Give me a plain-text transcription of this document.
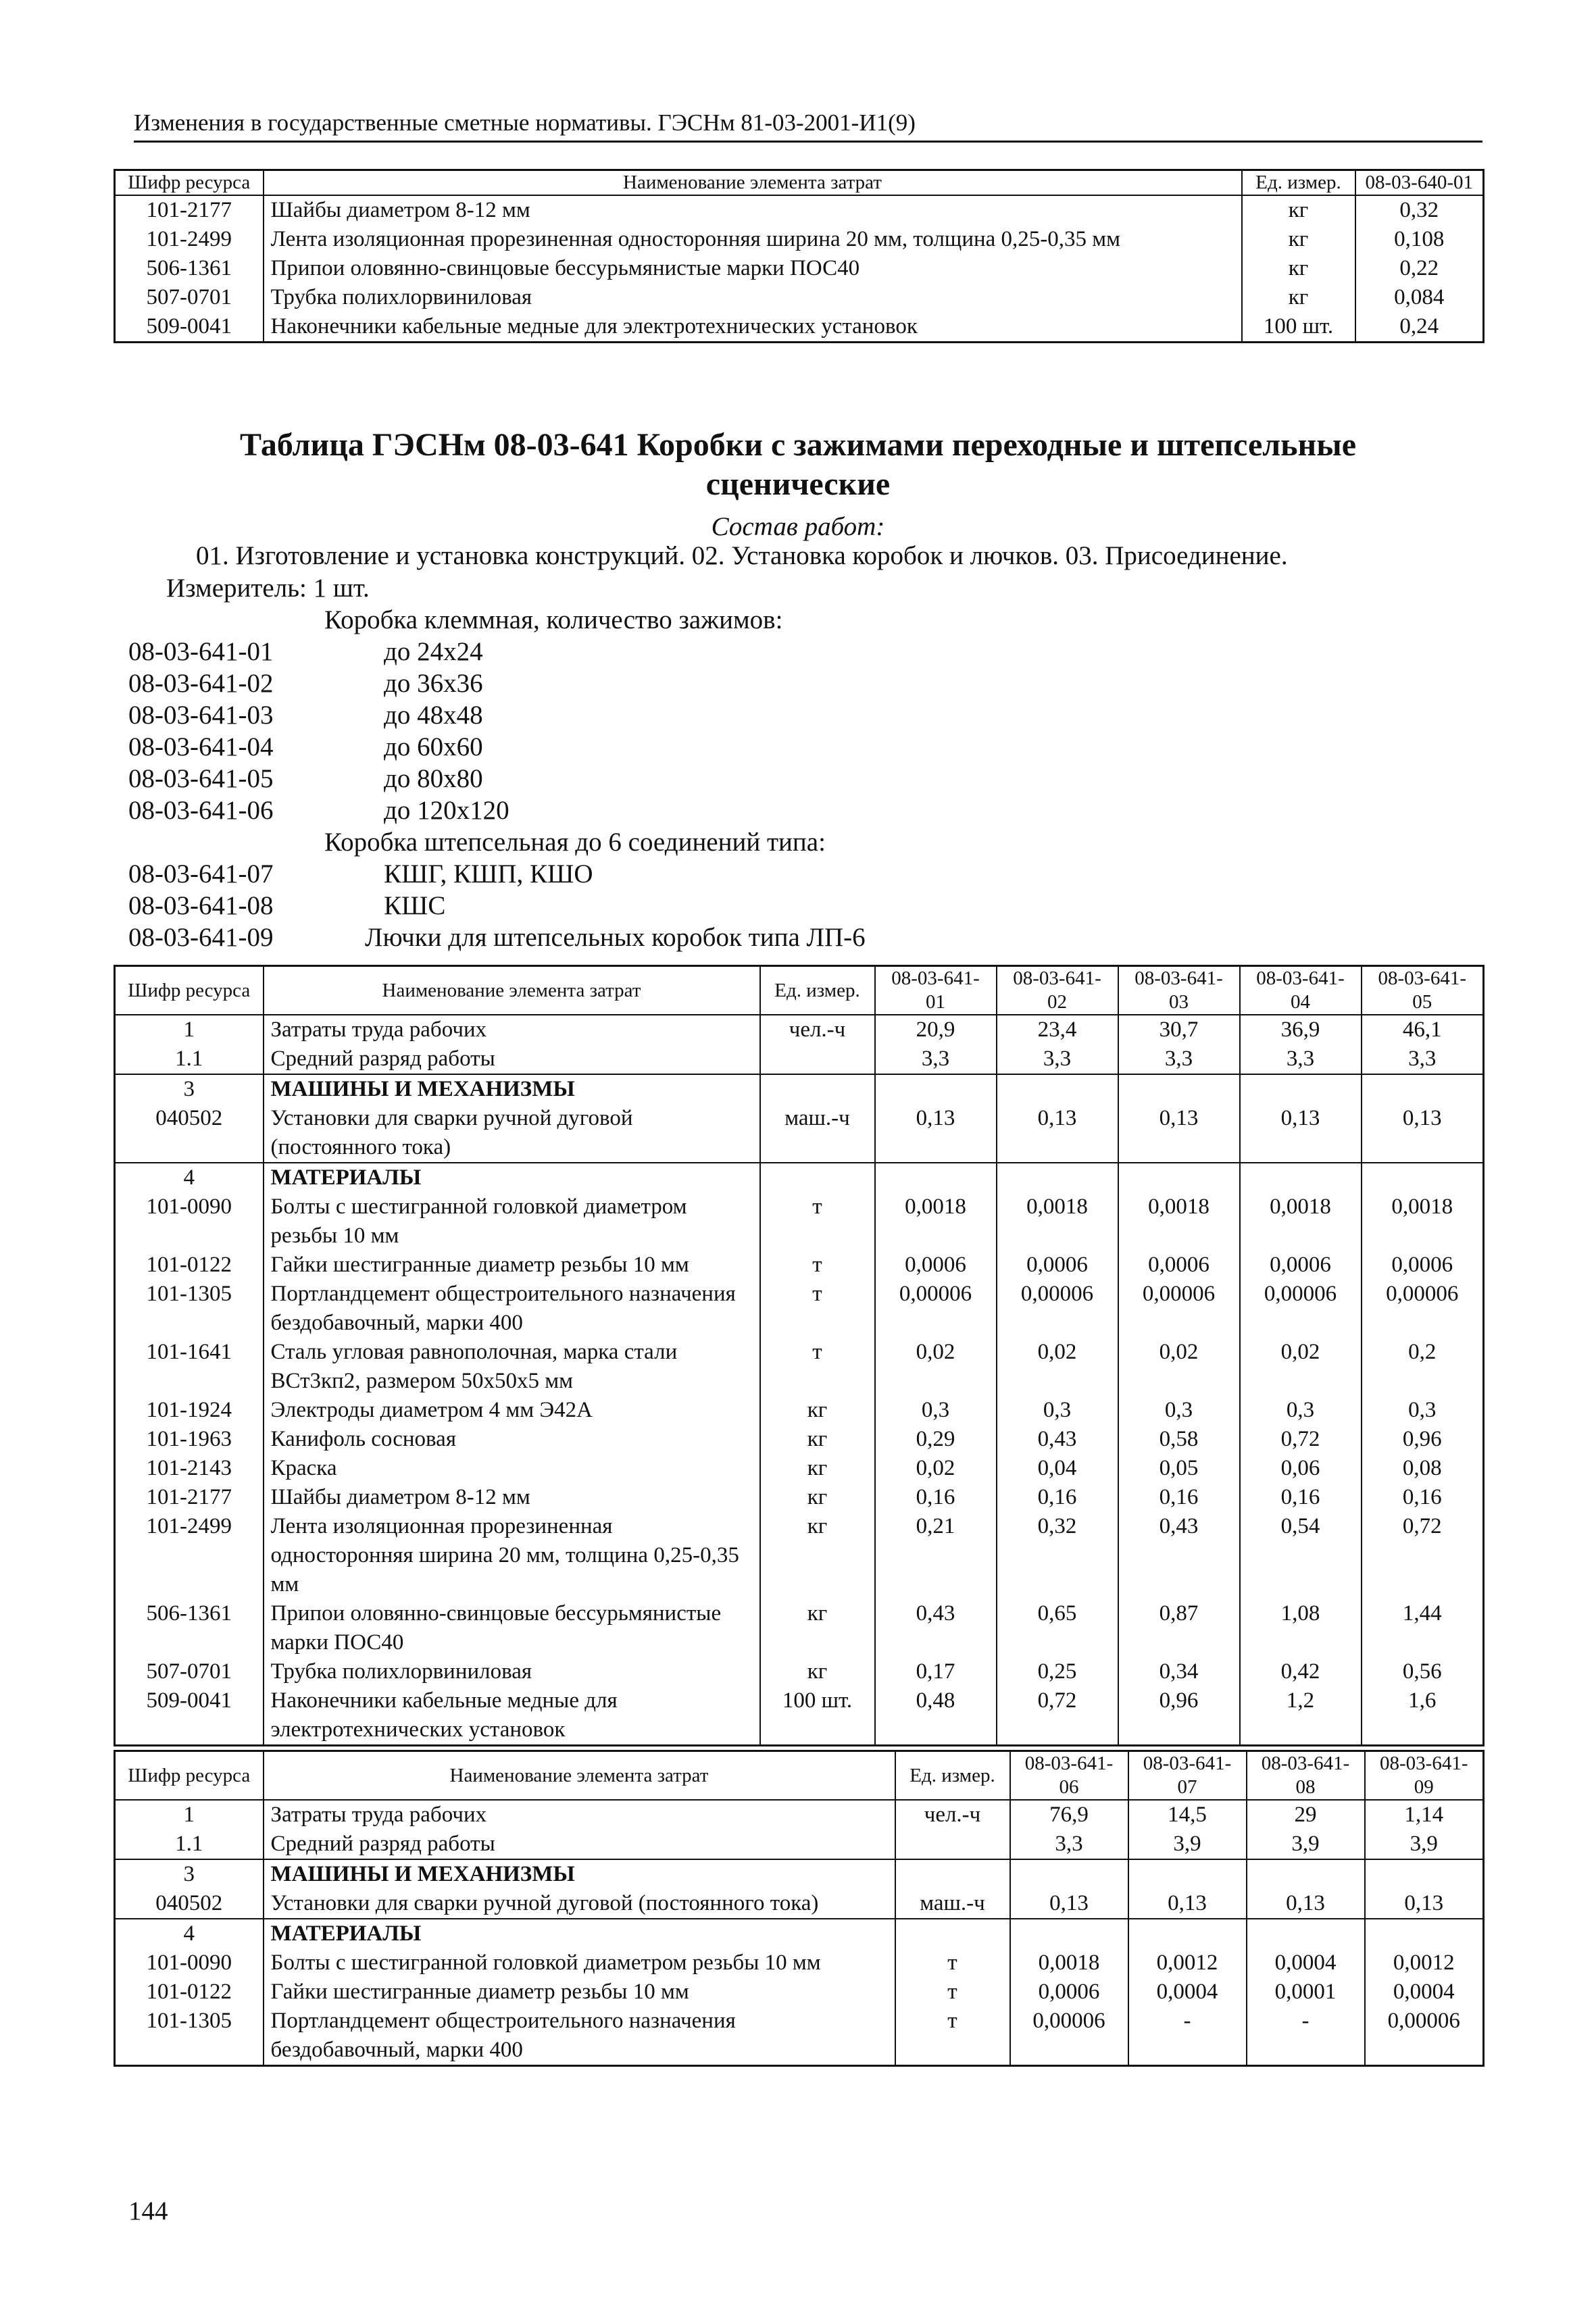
Изменения в государственные сметные нормативы. ГЭСНм 81-03-2001-И1(9)
Шифр ресурса	Наименование элемента затрат	Ед. измер.	08-03-640-01
101-2177	Шайбы диаметром 8-12 мм	кг	0,32
101-2499	Лента изоляционная прорезиненная односторонняя ширина 20 мм, толщина 0,25-0,35 мм	кг	0,108
506-1361	Припои оловянно-свинцовые бессурьмянистые марки ПОС40	кг	0,22
507-0701	Трубка полихлорвиниловая	кг	0,084
509-0041	Наконечники кабельные медные для электротехнических установок	100 шт.	0,24
Таблица ГЭСНм 08-03-641 Коробки с зажимами переходные и штепсельные
сценические
Состав работ:
01. Изготовление и установка конструкций. 02. Установка коробок и лючков. 03. Присоединение.
Измеритель: 1 шт.
Коробка клеммная, количество зажимов:
08-03-641-01	до 24х24
08-03-641-02	до 36х36
08-03-641-03	до 48х48
08-03-641-04	до 60х60
08-03-641-05	до 80х80
08-03-641-06	до 120х120
Коробка штепсельная до 6 соединений типа:
08-03-641-07	КШГ, КШП, КШО
08-03-641-08	КШС
08-03-641-09	Лючки для штепсельных коробок типа ЛП-6
Шифр ресурса	Наименование элемента затрат	Ед. измер.	08-03-641-01	08-03-641-02	08-03-641-03	08-03-641-04	08-03-641-05
1	Затраты труда рабочих	чел.-ч	20,9	23,4	30,7	36,9	46,1
1.1	Средний разряд работы		3,3	3,3	3,3	3,3	3,3
3	МАШИНЫ И МЕХАНИЗМЫ						
040502	Установки для сварки ручной дуговой (постоянного тока)	маш.-ч	0,13	0,13	0,13	0,13	0,13
4	МАТЕРИАЛЫ						
101-0090	Болты с шестигранной головкой диаметром резьбы 10 мм	т	0,0018	0,0018	0,0018	0,0018	0,0018
101-0122	Гайки шестигранные диаметр резьбы 10 мм	т	0,0006	0,0006	0,0006	0,0006	0,0006
101-1305	Портландцемент общестроительного назначения бездобавочный, марки 400	т	0,00006	0,00006	0,00006	0,00006	0,00006
101-1641	Сталь угловая равнополочная, марка стали ВСт3кп2, размером 50х50х5 мм	т	0,02	0,02	0,02	0,02	0,2
101-1924	Электроды диаметром 4 мм Э42А	кг	0,3	0,3	0,3	0,3	0,3
101-1963	Канифоль сосновая	кг	0,29	0,43	0,58	0,72	0,96
101-2143	Краска	кг	0,02	0,04	0,05	0,06	0,08
101-2177	Шайбы диаметром 8-12 мм	кг	0,16	0,16	0,16	0,16	0,16
101-2499	Лента изоляционная прорезиненная односторонняя ширина 20 мм, толщина 0,25-0,35 мм	кг	0,21	0,32	0,43	0,54	0,72
506-1361	Припои оловянно-свинцовые бессурьмянистые марки ПОС40	кг	0,43	0,65	0,87	1,08	1,44
507-0701	Трубка полихлорвиниловая	кг	0,17	0,25	0,34	0,42	0,56
509-0041	Наконечники кабельные медные для электротехнических установок	100 шт.	0,48	0,72	0,96	1,2	1,6
Шифр ресурса	Наименование элемента затрат	Ед. измер.	08-03-641-06	08-03-641-07	08-03-641-08	08-03-641-09
1	Затраты труда рабочих	чел.-ч	76,9	14,5	29	1,14
1.1	Средний разряд работы		3,3	3,9	3,9	3,9
3	МАШИНЫ И МЕХАНИЗМЫ					
040502	Установки для сварки ручной дуговой (постоянного тока)	маш.-ч	0,13	0,13	0,13	0,13
4	МАТЕРИАЛЫ					
101-0090	Болты с шестигранной головкой диаметром резьбы 10 мм	т	0,0018	0,0012	0,0004	0,0012
101-0122	Гайки шестигранные диаметр резьбы 10 мм	т	0,0006	0,0004	0,0001	0,0004
101-1305	Портландцемент общестроительного назначения бездобавочный, марки 400	т	0,00006	-	-	0,00006
144
